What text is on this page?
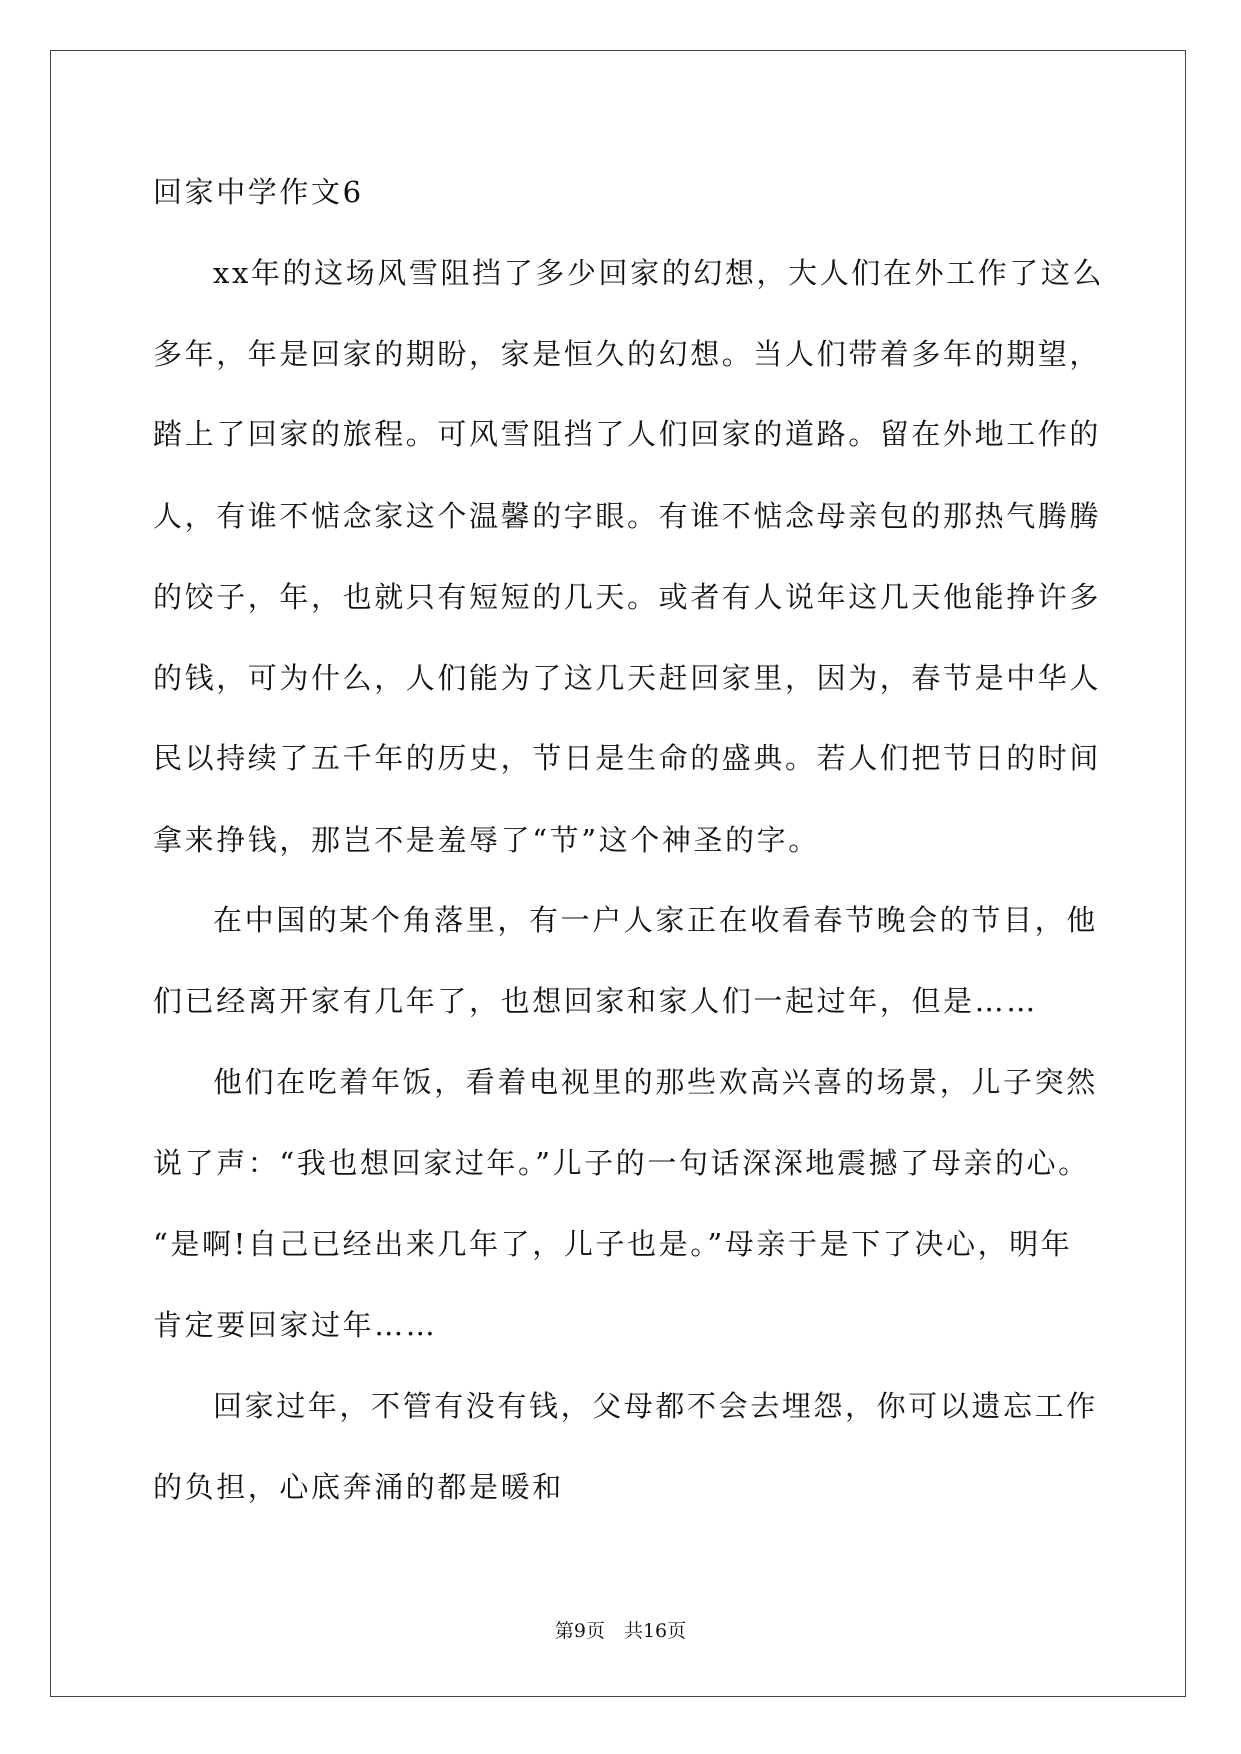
回家中学作文6
xx年的这场风雪阻挡了多少回家的幻想，大人们在外工作了这么
多年，年是回家的期盼，家是恒久的幻想。当人们带着多年的期望，
踏上了回家的旅程。可风雪阻挡了人们回家的道路。留在外地工作的
人，有谁不惦念家这个温馨的字眼。有谁不惦念母亲包的那热气腾腾
的饺子，年，也就只有短短的几天。或者有人说年这几天他能挣许多
的钱，可为什么，人们能为了这几天赶回家里，因为，春节是中华人
民以持续了五千年的历史，节日是生命的盛典。若人们把节日的时间
拿来挣钱，那岂不是羞辱了“节”这个神圣的字。
在中国的某个角落里，有一户人家正在收看春节晚会的节目，他
们已经离开家有几年了，也想回家和家人们一起过年，但是……
他们在吃着年饭，看着电视里的那些欢高兴喜的场景，儿子突然
说了声：“我也想回家过年。”儿子的一句话深深地震撼了母亲的心。
“是啊!自己已经出来几年了，儿子也是。”母亲于是下了决心，明年
肯定要回家过年……
回家过年，不管有没有钱，父母都不会去埋怨，你可以遗忘工作
的负担，心底奔涌的都是暖和
第9页　共16页
